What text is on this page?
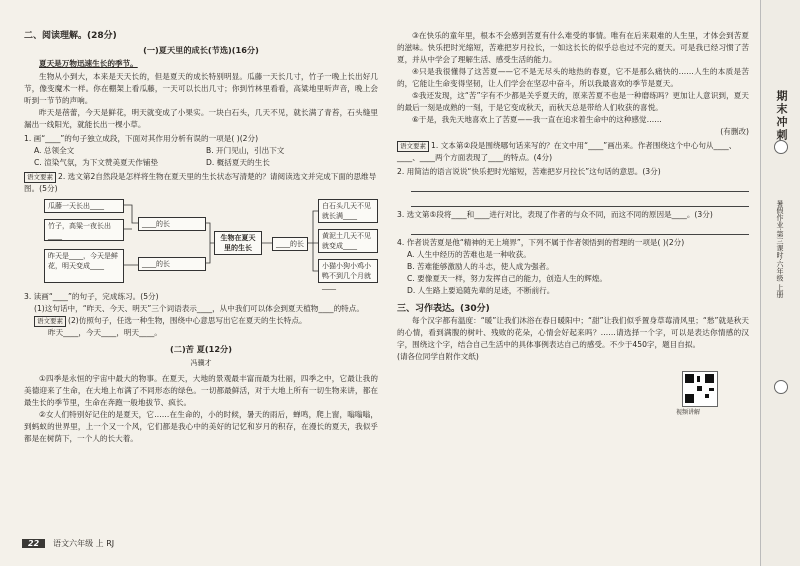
二、阅读理解。(28分)
(一)夏天里的成长(节选)(16分)
夏天是万物迅速生长的季节。

生物从小到大，本来是天天长的，但是夏天的成长特别明显。瓜藤一天长几寸，竹子一晚上长出好几节，像变魔术一样。你在棚架上看瓜藤，一天可以长出几寸；你到竹林里看看，高粱地里听声音，晚上会听到一节节的声响。

昨天是蓓蕾，今天是鲜花，明天就变成了小果实。一块白石头，几天不见，就长满了青苔，石头缝里漏出一线阳光，就能长出一棵小草。

1. 画“____”的句子独立成段，下面对其作用分析有误的一项是( )(2分)
A. 总领全文	B. 开门见山，引出下文
C. 渲染气氛，为下文赞美夏天作铺垫	D. 概括夏天的生长
语文要素 2. 选文第2自然段是怎样将生物在夏天里的生长状态写清楚的？请阅读选文并完成下面的思维导图。(5分)
瓜藤一天长出____
竹子，高粱一夜长出____
昨天是____，今天是鲜花，明天变成____
____的长
____的长
生物在夏天里的生长	____的长
白石头几天不见就长满____
黄泥土几天不见就变成____
小猫小狗小鸡小鸭不到几个月就____
3. 读画“____”的句子，完成练习。(5分)
(1)这句话中，“昨天、今天、明天”三个词语表示____，从中我们可以体会到夏天植物____的特点。
语文要素 (2)仿照句子，任选一种生物，围绕中心意思写出它在夏天的生长特点。
昨天____，今天____，明天____。
(二)苦 夏(12分)
冯骥才

①四季是永恒的宇宙中最大的物事。在夏天，大地的景观最丰富而最为壮丽，四季之中，它最让我的美德迎来了生命，在大地上布满了不同形态的绿色。一切都最鲜活，对于大地上所有一切生物来讲，都在最生长的季节里，生命在奔跑一般地拔节、疯长。

②女人们特别好记住的是夏天，它……在生命的，小的时候，暑天的雨后，蝉鸣，爬上窗，嗡嗡嗡，到蚂蚁的世界里，上一个又一个风，它们都是我心中的美好的记忆和岁月的积存，在漫长的夏天，我似乎都是在树荫下，一个人的长大着。

③在快乐的童年里，根本不会感到苦夏有什么难受的事情。唯有在后来艰难的人生里，才体会到苦夏的滋味。快乐把时光缩短，苦难把岁月拉长，一如这长长的似乎总也过不完的夏天。可是我已经习惯了苦夏，并从中学会了理解生活、感受生活的能力。

④只是我很懂得了这苦夏——它不是无尽头的地热的春夏，它不是那么痛快的……人生的本质是苦的，它能让生命变得坚韧，让人们学会在坚忍中奋斗，所以我最喜欢的季节是夏天。

⑤我还发现，这“苦”字有不少都是关乎夏天的，原来苦夏不也是一种磨练吗？更加让人意识到，夏天的最后一刻是成熟的一刻，于是它变成秋天，而秋天总是带给人们收获的喜悦。

⑥于是，我先天地喜欢上了苦夏——我一直在追求着生命中的这种感觉……

(有删改)
语文要素 1. 文本第②段是围绕哪句话来写的？在文中用“____”画出来。作者围绕这个中心句从____、____、____两个方面表现了____的特点。(4分)
2. 用简洁的语言说说“快乐把时光缩短，苦难把岁月拉长”这句话的意思。(3分)
3. 选文第⑤段将____和____进行对比，表现了作者的与众不同，而这不同的原因是____。(3分)
4. 作者说苦夏是他“精神的无上境界”，下列不属于作者领悟到的哲理的一项是( )(2分)
A. 人生中经历的苦难也是一种收获。
B. 苦难能够激励人的斗志，使人成为强者。
C. 要像夏天一样，努力发挥自己的能力，创造人生的辉煌。
D. 人生路上要追随先辈的足迹，不断前行。
三、习作表达。(30分)

每个汉字都有温度：“暖”让我们沐浴在春日暖阳中；“甜”让我们似乎置身草莓清风里；“愁”就是秋天的心情，看到满腹的树叶、残败的花朵，心情会好起来吗？……请选择一个字，可以是表达你情感的汉字，围绕这个字，结合自己生活中的具体事例表达自己的感受。不少于450字，题目自拟。

(请各位同学自附作文纸)
视频讲解
22	语文六年级 上 RJ
期末冲刺
暑假作业·第三课时·六年级 上册
